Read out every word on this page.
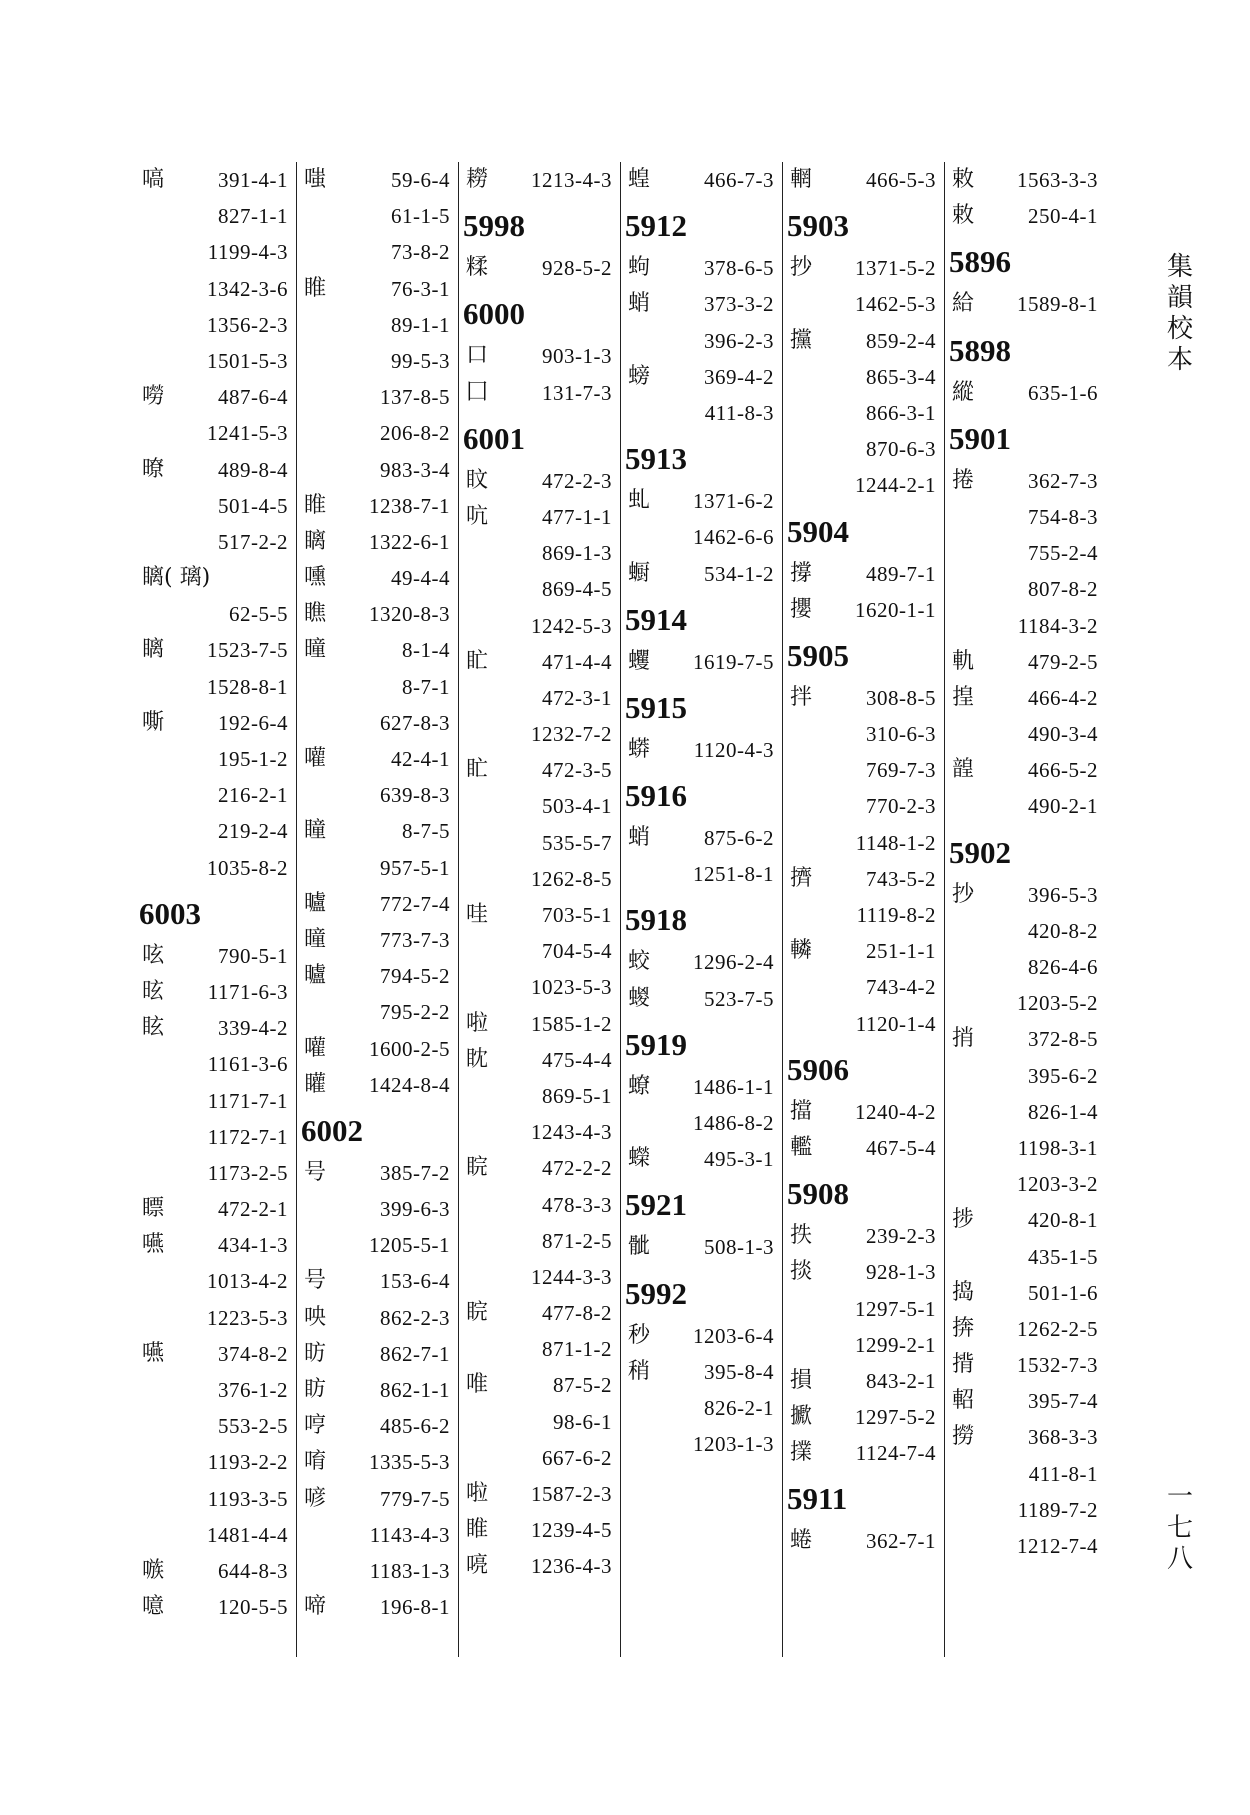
嗃	391-4-1
827-1-1
1199-4-3
1342-3-6
1356-2-3
1501-5-3
嘮	487-6-4
1241-5-3
暸	489-8-4
501-4-5
517-2-2
瞝( 璃)
62-5-5
瞝 1523-7-5
1528-8-1
嘶	192-6-4
195-1-2
216-2-1
219-2-4
1035-8-2
6003
呟	790-5-1
昡 1171-6-3
眩	339-4-2
1161-3-6
1171-7-1
1172-7-1
1173-2-5
瞟	472-2-1
嚥	434-1-3
1013-4-2
1223-5-3
嚥	374-8-2
376-1-2
553-2-5
1193-2-2
1193-3-5
1481-4-4
嗾	644-8-3
噫	120-5-5
嗤	59-6-4
61-1-5
73-8-2
睢	76-3-1
89-1-1
99-5-3
137-8-5
206-8-2
983-3-4
睢 1238-7-1
瞝 1322-6-1
嚑	49-4-4
瞧 1320-8-3
曈	8-1-4
8-7-1
627-8-3
嚾	42-4-1
639-8-3
瞳	8-7-5
957-5-1
曥	772-7-4
曈	773-7-3
曥	794-5-2
795-2-2
嚾 1600-2-5
矔 1424-8-4
6002
号	385-7-2
399-6-3
1205-5-1
号	153-6-4
咉	862-2-3
昉	862-7-1
眆	862-1-1
哼	485-6-2
唷 1335-5-3
喭	779-7-5
1143-4-3
1183-1-3
啼	196-8-1
耮 1213-4-3
5998
糅	928-5-2
6000
口	903-1-3
囗	131-7-3
6001
盿	472-2-3
吭	477-1-1
869-1-3
869-4-5
1242-5-3
盳	471-4-4
472-3-1
1232-7-2
盳	472-3-5
503-4-1
535-5-7
1262-8-5
哇	703-5-1
704-5-4
1023-5-3
啦 1585-1-2
眈	475-4-4
869-5-1
1243-4-3
睆	472-2-2
478-3-3
871-2-5
1244-3-3
睆	477-8-2
871-1-2
唯	87-5-2
98-6-1
667-6-2
啦 1587-2-3
睢 1239-4-5
喨 1236-4-3
蝗	466-7-3
5912
蚼	378-6-5
蛸	373-3-2
396-2-3
螃	369-4-2
411-8-3
5913
虬 1371-6-2
1462-6-6
蟵	534-1-2
5914
蠼 1619-7-5
5915
蟒 1120-4-3
5916
蛸	875-6-2
1251-8-1
5918
蛟 1296-2-4
蝬	523-7-5
5919
蟟 1486-1-1
1486-8-2
蠑	495-3-1
5921
骴	508-1-3
5992
秒 1203-6-4
稍	395-8-4
826-2-1
1203-1-3
輞	466-5-3
5903
抄 1371-5-2
1462-5-3
攩	859-2-4
865-3-4
866-3-1
870-6-3
1244-2-1
5904
撐	489-7-1
攖 1620-1-1
5905
拌	308-8-5
310-6-3
769-7-3
770-2-3
1148-1-2
擠	743-5-2
1119-8-2
轔	251-1-1
743-4-2
1120-1-4
5906
擋 1240-4-2
轞	467-5-4
5908
抶	239-2-3
掞	928-1-3
1297-5-1
1299-2-1
損	843-2-1
擨 1297-5-2
擈 1124-7-4
5911
蜷	362-7-1
敕 1563-3-3
敕	250-4-1
5896
給 1589-8-1
5898
縱	635-1-6
5901
捲	362-7-3
754-8-3
755-2-4
807-8-2
1184-3-2
軌	479-2-5
揘	466-4-2
490-3-4
韹	466-5-2
490-2-1
5902
抄	396-5-3
420-8-2
826-4-6
1203-5-2
捎	372-8-5
395-6-2
826-1-4
1198-3-1
1203-3-2
捗	420-8-1
435-1-5
捣	501-1-6
捹 1262-2-5
揹 1532-7-3
軺	395-7-4
撈	368-3-3
411-8-1
1189-7-2
1212-7-4
集
韻
校
本
一
七
八
